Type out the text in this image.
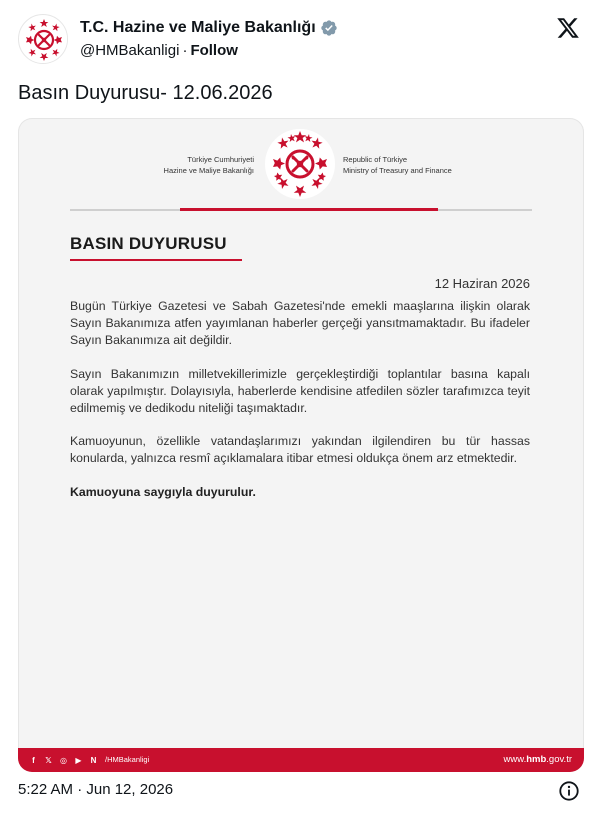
T.C. Hazine ve Maliye Bakanlığı
@HMBakanligi · Follow
Basın Duyurusu- 12.06.2026
Türkiye Cumhuriyeti
Hazine ve Maliye Bakanlığı
Republic of Türkiye
Ministry of Treasury and Finance
BASIN DUYURUSU
12 Haziran 2026

Bugün Türkiye Gazetesi ve Sabah Gazetesi'nde emekli maaşlarına ilişkin olarak Sayın Bakanımıza atfen yayımlanan haberler gerçeği yansıtmamaktadır. Bu ifadeler Sayın Bakanımıza ait değildir.

Sayın Bakanımızın milletvekillerimizle gerçekleştirdiği toplantılar basına kapalı olarak yapılmıştır. Dolayısıyla, haberlerde kendisine atfedilen sözler tarafımızca teyit edilmemiş ve dedikodu niteliği taşımaktadır.

Kamuoyunun, özellikle vatandaşlarımızı yakından ilgilendiren bu tür hassas konularda, yalnızca resmî açıklamalara itibar etmesi oldukça önem arz etmektedir.

Kamuoyuna saygıyla duyurulur.

f	𝕏 ◎	▶	N	/HMBakanligi	www.hmb.gov.tr
5:22 AM · Jun 12, 2026
